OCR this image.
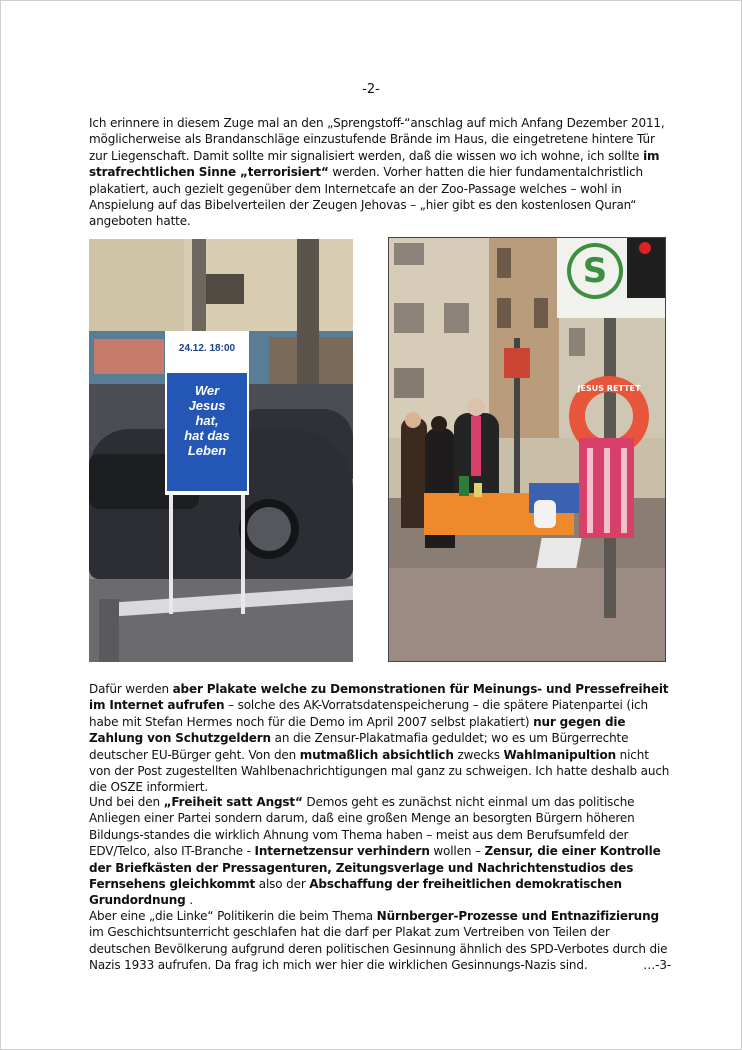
-2-

Ich erinnere in diesem Zuge mal an den „Sprengstoff-“anschlag auf mich Anfang Dezember 2011, möglicherweise als Brandanschläge einzustufende Brände im Haus, die eingetretene hintere Tür zur Liegenschaft. Damit sollte mir signalisiert werden, daß die wissen wo ich wohne, ich sollte im strafrechtlichen Sinne „terrorisiert“ werden. Vorher hatten die hier fundamentalchristlich plakatiert, auch gezielt gegenüber dem Internetcafe an der Zoo-Passage welches – wohl in Anspielung auf das Bibelverteilen der Zeugen Jehovas – „hier gibt es den kostenlosen Quran“ angeboten hatte.

24.12. 18:00
Wer
Jesus
hat,
hat das
Leben
S
JESUS RETTET

Dafür werden aber Plakate welche zu Demonstrationen für Meinungs- und Pressefreiheit im Internet aufrufen – solche des AK-Vorratsdatenspeicherung – die spätere Piatenpartei (ich habe mit Stefan Hermes noch für die Demo im April 2007 selbst plakatiert) nur gegen die Zahlung von Schutzgeldern an die Zensur-Plakatmafia geduldet; wo es um Bürgerrechte deutscher EU-Bürger geht. Von den mutmaßlich absichtlich zwecks Wahlmanipultion nicht von der Post zugestellten Wahlbenachrichtigungen mal ganz zu schweigen. Ich hatte deshalb auch die OSZE informiert.

Und bei den „Freiheit satt Angst“ Demos geht es zunächst nicht einmal um das politische Anliegen einer Partei sondern darum, daß eine großen Menge an besorgten Bürgern höheren Bildungs-standes die wirklich Ahnung vom Thema haben – meist aus dem Berufsumfeld der EDV/Telco, also IT-Branche - Internetzensur verhindern wollen – Zensur, die einer Kontrolle der Briefkästen der Pressagenturen, Zeitungsverlage und Nachrichtenstudios des Fernsehens gleichkommt also der Abschaffung der freiheitlichen demokratischen Grundordnung .

Aber eine „die Linke“ Politikerin die beim Thema Nürnberger-Prozesse und Entnazifizierung im Geschichtsunterricht geschlafen hat die darf per Plakat zum Vertreiben von Teilen der deutschen Bevölkerung aufgrund deren politischen Gesinnung ähnlich des SPD-Verbotes durch die Nazis 1933 aufrufen. Da frag ich mich wer hier die wirklichen Gesinnungs-Nazis sind.	…-3-
